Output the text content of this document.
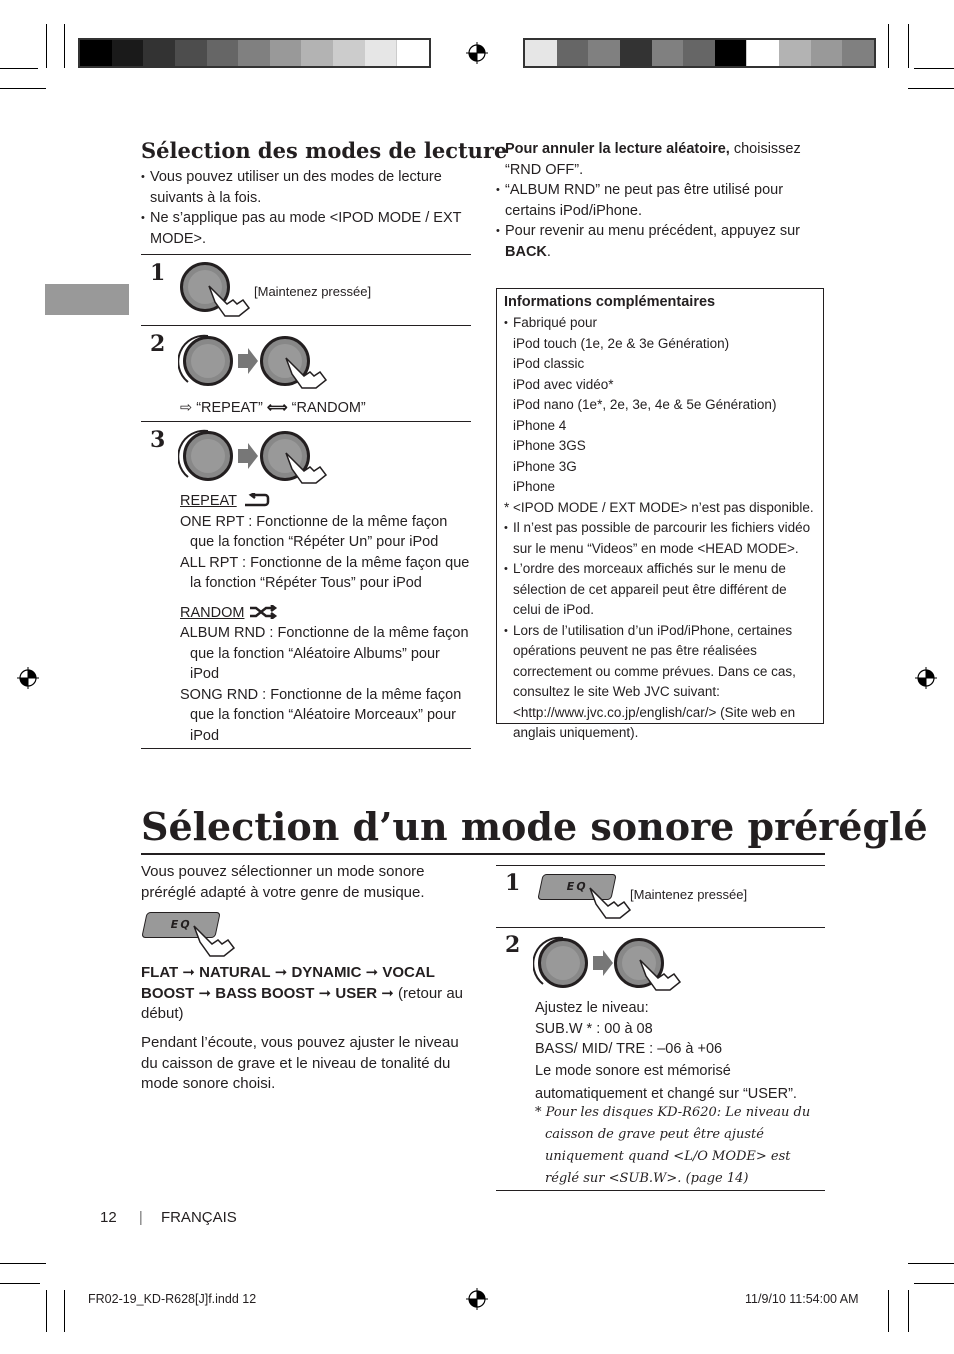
Sélection des modes de lecture
• Vous pouvez utiliser un des modes de lecture suivants à la fois.
• Ne s’applique pas au mode <IPOD MODE / EXT MODE>.
1
[Maintenez pressée]
2
⇨ “REPEAT” ⟺ “RANDOM”
3
REPEAT
ONE RPT : Fonctionne de la même façon que la fonction “Répéter Un” pour iPod
ALL RPT : Fonctionne de la même façon que la fonction “Répéter Tous” pour iPod
RANDOM
ALBUM RND : Fonctionne de la même façon que la fonction “Aléatoire Albums” pour iPod
SONG RND : Fonctionne de la même façon que la fonction “Aléatoire Morceaux” pour iPod
• Pour annuler la lecture aléatoire, choisissez “RND OFF”.
• “ALBUM RND” ne peut pas être utilisé pour certains iPod/iPhone.
• Pour revenir au menu précédent, appuyez sur BACK.
Informations complémentaires
• Fabriqué pour
iPod touch (1e, 2e & 3e Génération)
iPod classic
iPod avec vidéo*
iPod nano (1e*, 2e, 3e, 4e & 5e Génération)
iPhone 4
iPhone 3GS
iPhone 3G
iPhone
* <IPOD MODE / EXT MODE> n’est pas disponible.
• Il n’est pas possible de parcourir les fichiers vidéo sur le menu “Videos” en mode <HEAD MODE>.
• L’ordre des morceaux affichés sur le menu de sélection de cet appareil peut être différent de celui de iPod.
• Lors de l’utilisation d’un iPod/iPhone, certaines opérations peuvent ne pas être réalisées correctement ou comme prévues. Dans ce cas, consultez le site Web JVC suivant: <http://www.jvc.co.jp/english/car/> (Site web en anglais uniquement).
Sélection d’un mode sonore préréglé
Vous pouvez sélectionner un mode sonore préréglé adapté à votre genre de musique.
EQ
FLAT ➞ NATURAL ➞ DYNAMIC ➞ VOCAL BOOST ➞ BASS BOOST ➞ USER ➞ (retour au début)
Pendant l’écoute, vous pouvez ajuster le niveau du caisson de grave et le niveau de tonalité du mode sonore choisi.
1	EQ
[Maintenez pressée]
2
Ajustez le niveau:
SUB.W * : 00 à 08
BASS/ MID/ TRE : –06 à +06
Le mode sonore est mémorisé automatiquement et changé sur “USER”.
* Pour les disques KD-R620: Le niveau du caisson de grave peut être ajusté uniquement quand <L/O MODE> est réglé sur <SUB.W>. (page 14)
12 | FRANÇAIS
FR02-19_KD-R628[J]f.indd 12	11/9/10 11:54:00 AM
